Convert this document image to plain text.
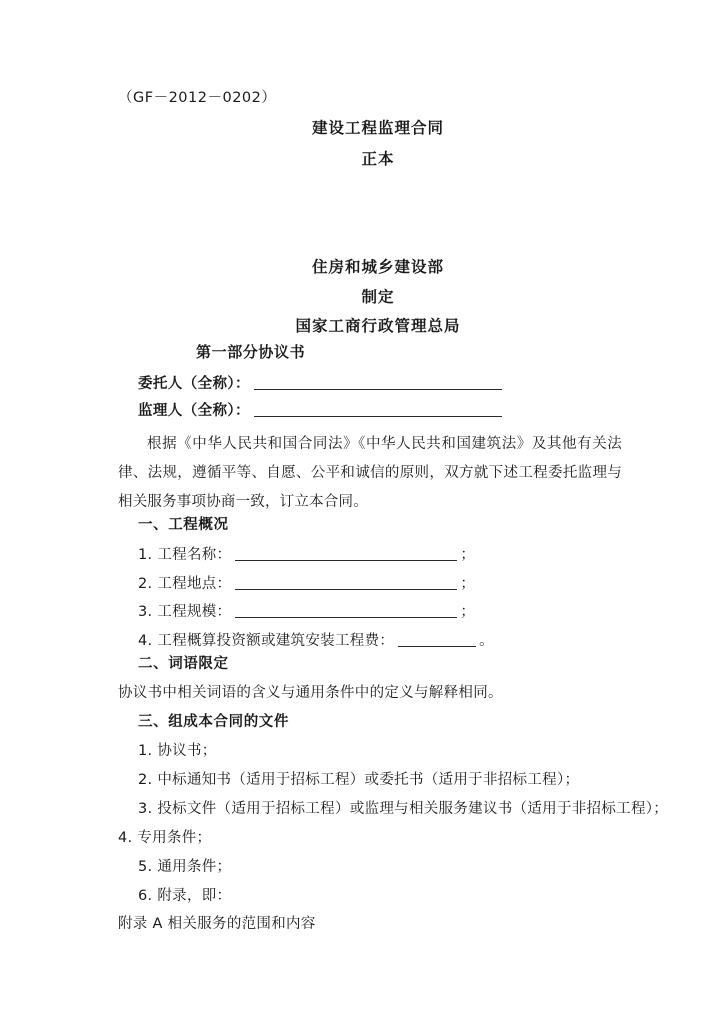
（GF－2012－0202）
建设工程监理合同
正本
住房和城乡建设部
制定
国家工商行政管理总局
第一部分协议书
委托人（全称）：
监理人（全称）：
根据《中华人民共和国合同法》《中华人民共和国建筑法》及其他有关法律、法规，遵循平等、自愿、公平和诚信的原则，双方就下述工程委托监理与相关服务事项协商一致，订立本合同。
一、工程概况
1. 工程名称：	；
2. 工程地点：	；
3. 工程规模：	；
4. 工程概算投资额或建筑安装工程费：	。
二、词语限定
协议书中相关词语的含义与通用条件中的定义与解释相同。
三、组成本合同的文件
1. 协议书；
2. 中标通知书（适用于招标工程）或委托书（适用于非招标工程）；
3. 投标文件（适用于招标工程）或监理与相关服务建议书（适用于非招标工程）；
4. 专用条件；
5. 通用条件；
6. 附录，即：
附录 A 相关服务的范围和内容
